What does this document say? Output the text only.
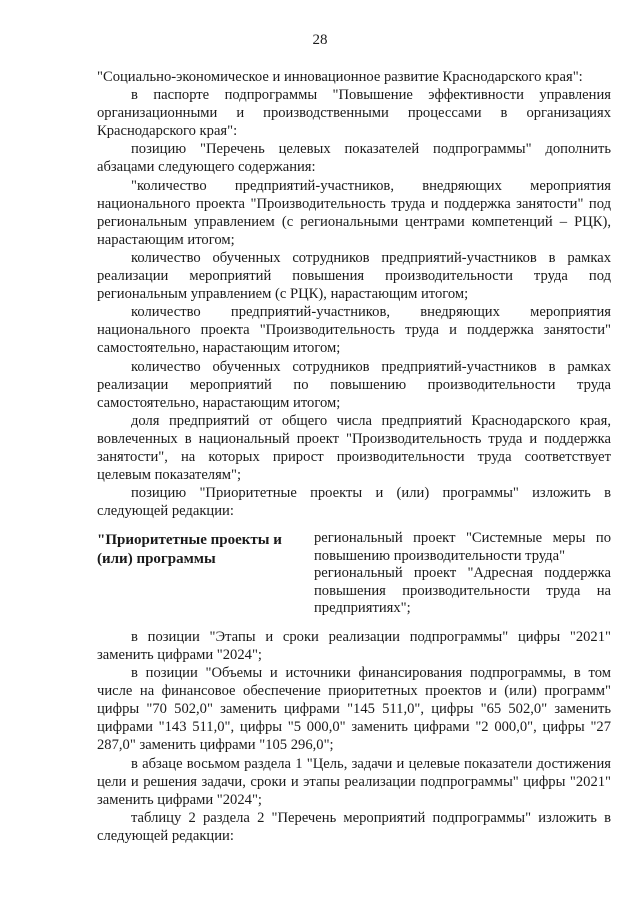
28

"Социально-экономическое и инновационное развитие Краснодарского края":

в паспорте подпрограммы "Повышение эффективности управления организационными и производственными процессами в организациях Краснодарского края":

позицию "Перечень целевых показателей подпрограммы" дополнить абзацами следующего содержания:

"количество предприятий-участников, внедряющих мероприятия национального проекта "Производительность труда и поддержка занятости" под региональным управлением (с региональными центрами компетенций – РЦК), нарастающим итогом;

количество обученных сотрудников предприятий-участников в рамках реализации мероприятий повышения производительности труда под региональным управлением (с РЦК), нарастающим итогом;

количество предприятий-участников, внедряющих мероприятия национального проекта "Производительность труда и поддержка занятости" самостоятельно, нарастающим итогом;

количество обученных сотрудников предприятий-участников в рамках реализации мероприятий по повышению производительности труда самостоятельно, нарастающим итогом;

доля предприятий от общего числа предприятий Краснодарского края, вовлеченных в национальный проект "Производительность труда и поддержка занятости", на которых прирост производительности труда соответствует целевым показателям";

позицию "Приоритетные проекты и (или) программы" изложить в следующей редакции:

"Приоритетные проекты и (или) программы

региональный проект "Системные меры по повышению производительности труда"

региональный проект "Адресная поддержка повышения производительности труда на предприятиях";

в позиции "Этапы и сроки реализации подпрограммы" цифры "2021" заменить цифрами "2024";

в позиции "Объемы и источники финансирования подпрограммы, в том числе на финансовое обеспечение приоритетных проектов и (или) программ" цифры "70 502,0" заменить цифрами "145 511,0", цифры "65 502,0" заменить цифрами "143 511,0", цифры "5 000,0" заменить цифрами "2 000,0", цифры "27 287,0" заменить цифрами "105 296,0";

в абзаце восьмом раздела 1 "Цель, задачи и целевые показатели достижения цели и решения задачи, сроки и этапы реализации подпрограммы" цифры "2021" заменить цифрами "2024";

таблицу 2 раздела 2 "Перечень мероприятий подпрограммы" изложить в следующей редакции:
